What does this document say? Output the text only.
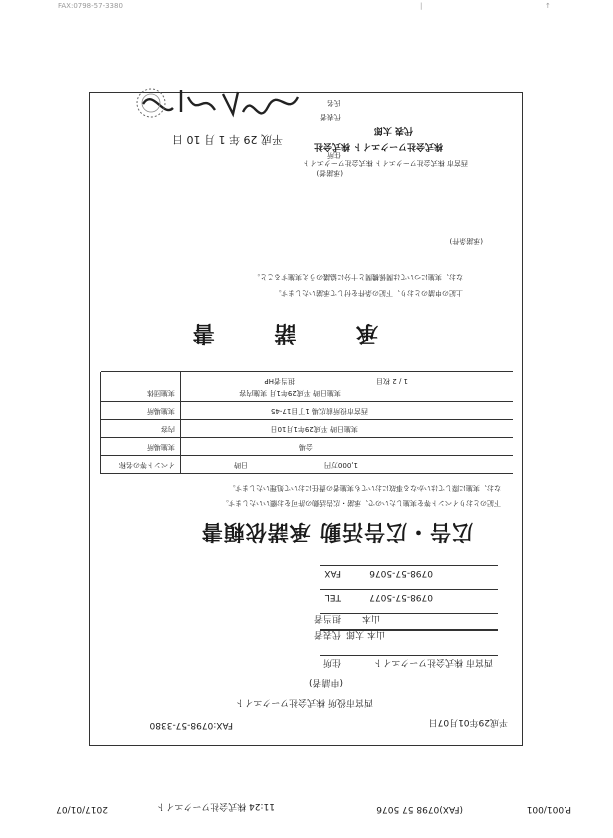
FAX:0798-57-3380	|	↑
P.001/001
(FAX)0798 57 5076
11:24 株式会社ワークエイト
2017/01/07
平成29年01月07日
FAX:0798-57-3380
西宮市役所 株式会社ワークエイト
(申請者)
住所	西宮市 株式会社ワークエイト
代表者 山本 太郎
担当者 山本
TEL	0798-57-5077
FAX	0798-57-5076
広告・広告活動 承諾依頼書
下記のとおりイベント等を実施したいので、承諾・広告活動の許可をお願いいたします。
なお、実施に際してはいかなる事故においても実施者の責任において処理いたします。
イベント等の名称	日時	1,000万円
実施場所	会場
内容	実施日時 平成29年1月10日
実施場所	西宮市役所前広場 1丁目17-45
実施団体	実施日時 平成29年1月 実施内容
担当者HP	1 / 2 枚目
承 諾 書
上記の申請のとおり、下記の条件を付して承諾いたします。
なお、実施については関係機関と十分に協議のうえ実施すること。
(承諾条件)
(承諾者)
住所
西宮市 株式会社ワークエイト 株式会社ワークエイト
株式会社ワークエイト 株式会社
代表 太郎
代表者
氏名
平成 29 年 1 月 10 日
